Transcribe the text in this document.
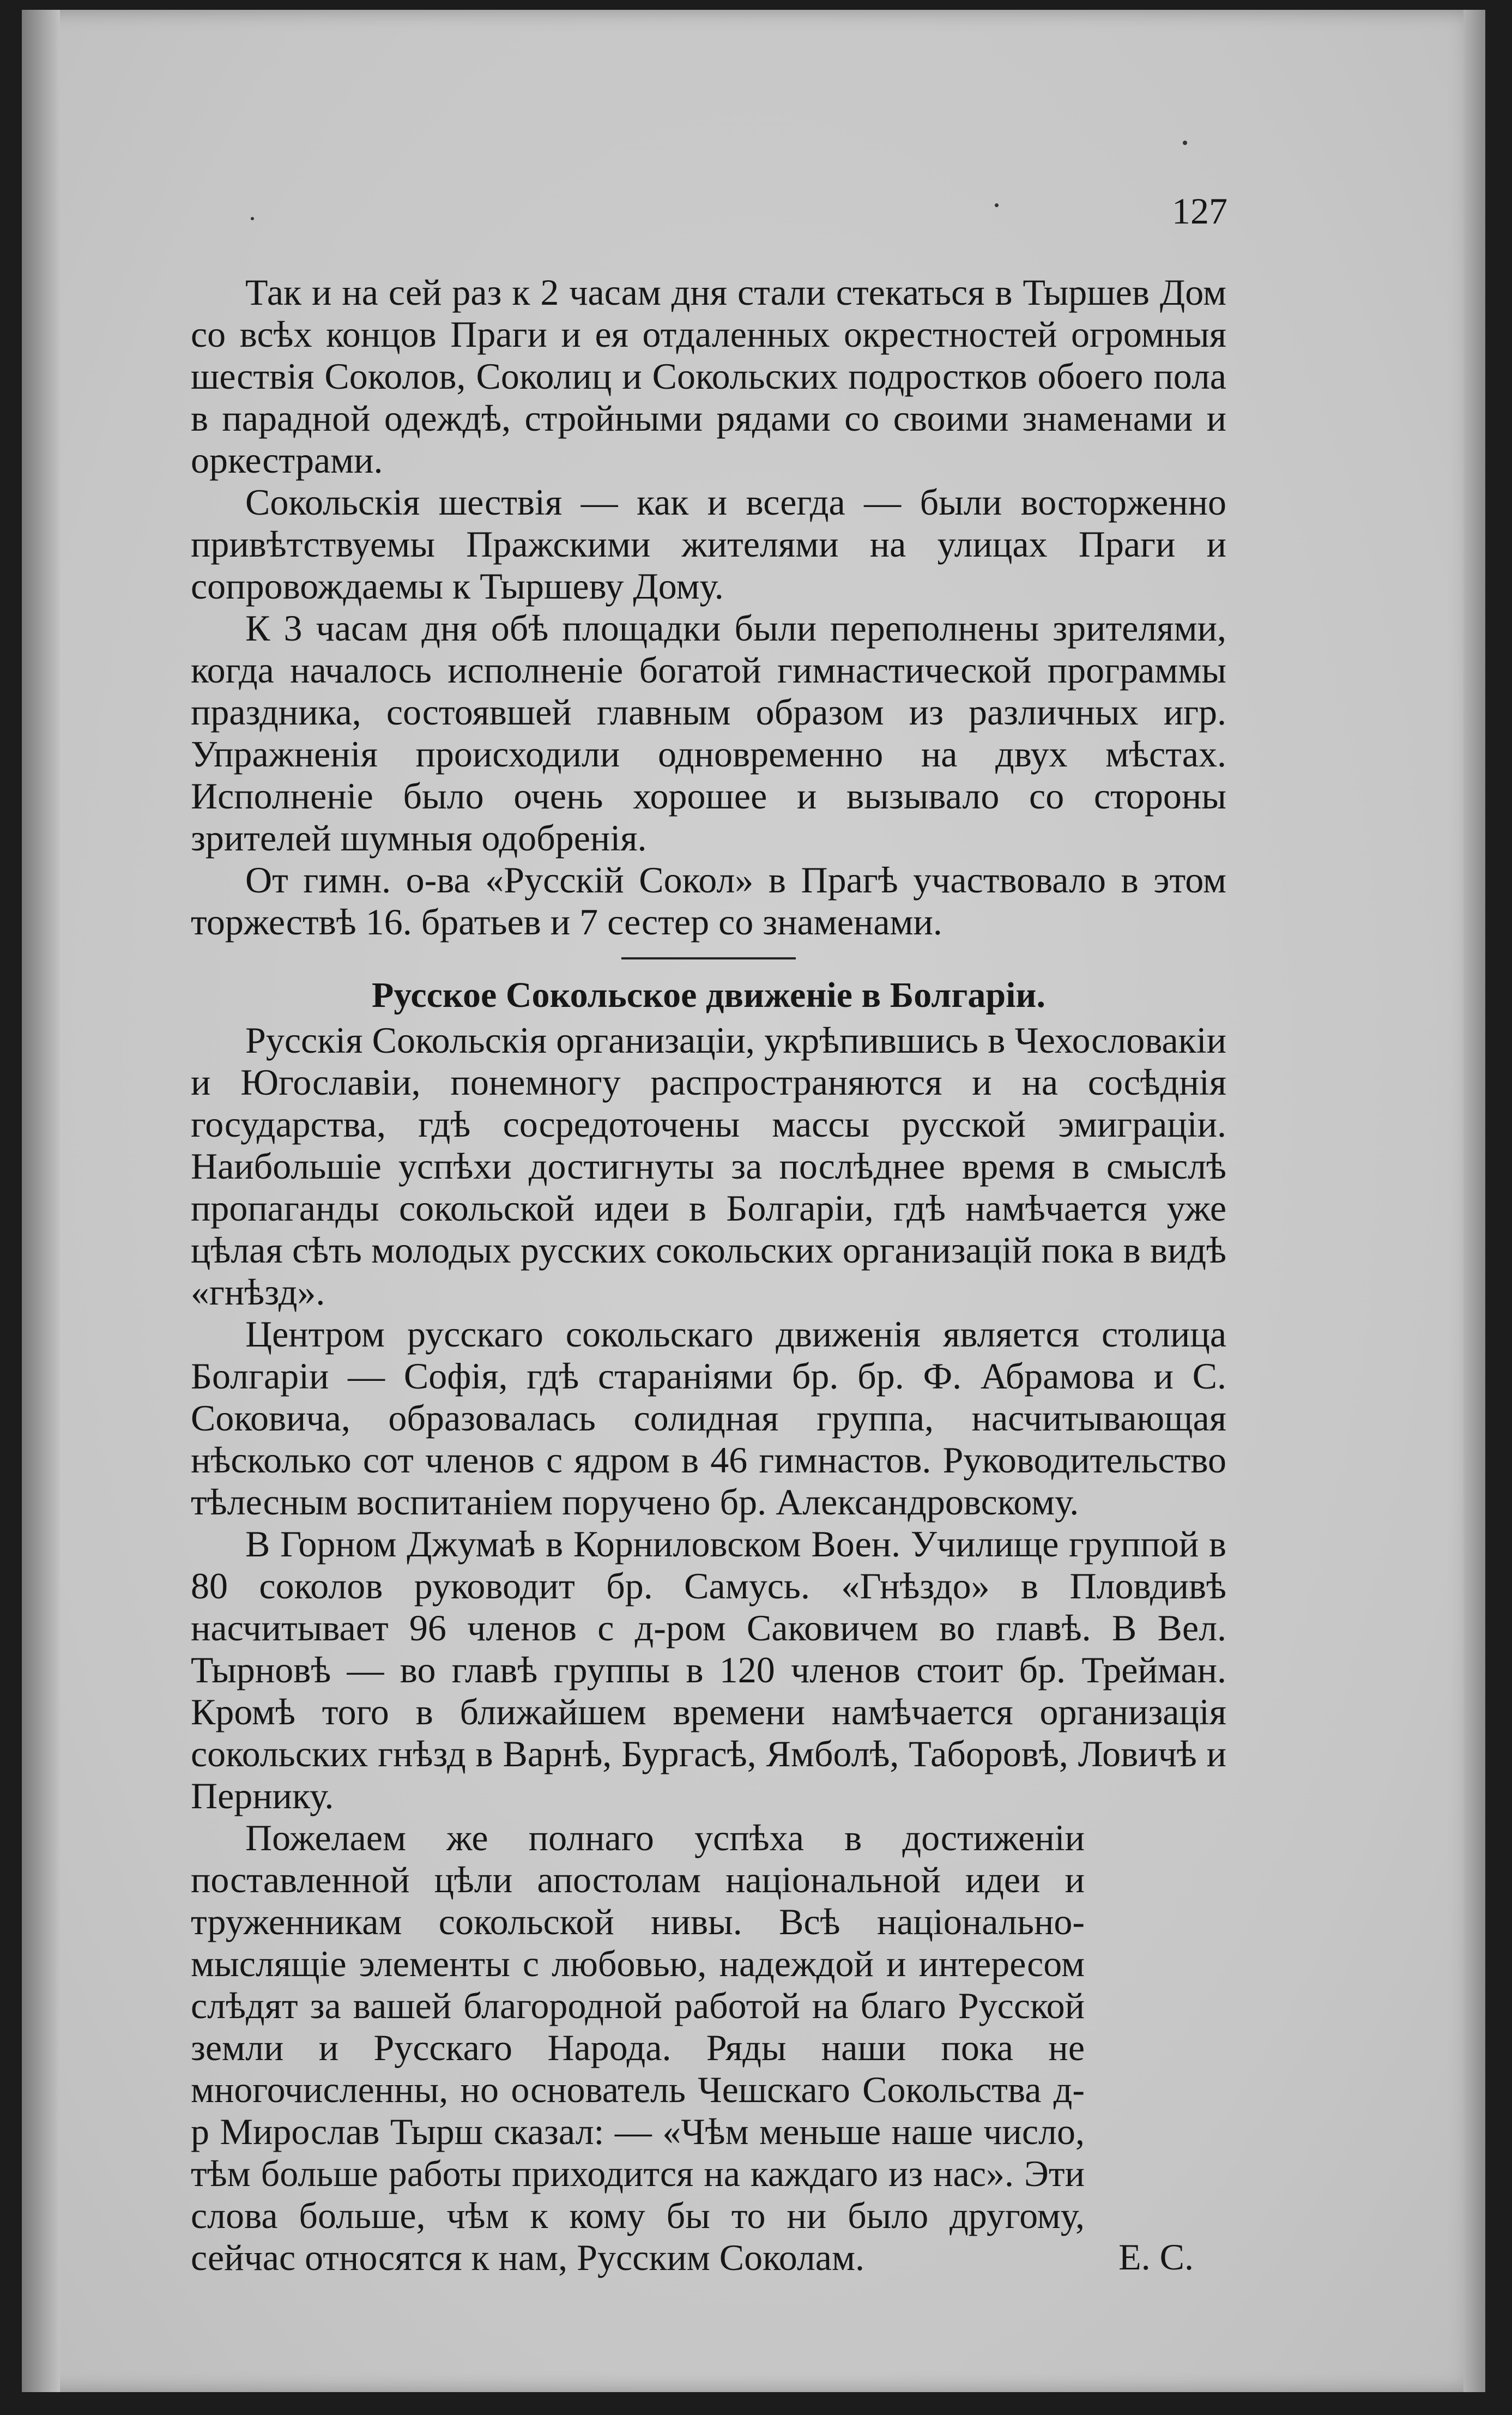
127

Так и на сей раз к 2 часам дня стали стекаться в Тыршев Дом со всѣх концов Праги и ея отдаленных окрестностей огромныя шествія Соколов, Соколиц и Сокольских подростков обоего пола в парадной одеждѣ, стройными рядами со своими знаменами и оркестрами.

Сокольскія шествія — как и всегда — были восторженно привѣтствуемы Пражскими жителями на улицах Праги и сопровождаемы к Тыршеву Дому.

К 3 часам дня обѣ площадки были переполнены зрителями, когда началось исполненіе богатой гимнастической программы праздника, состоявшей главным образом из различных игр. Упражненія происходили одновременно на двух мѣстах. Исполненіе было очень хорошее и вызывало со стороны зрителей шумныя одобренія.

От гимн. о-ва «Русскій Сокол» в Прагѣ участвовало в этом торжествѣ 16. братьев и 7 сестер со знаменами.

Русское Сокольское движеніе в Болгаріи.

Русскія Сокольскія организаціи, укрѣпившись в Чехословакіи и Югославіи, понемногу распространяются и на сосѣднія государства, гдѣ сосредоточены массы русской эмиграціи. Наибольшіе успѣхи достигнуты за послѣднее время в смыслѣ пропаганды сокольской идеи в Болгаріи, гдѣ намѣчается уже цѣлая сѣть молодых русских сокольских организацій пока в видѣ «гнѣзд».

Центром русскаго сокольскаго движенія является столица Болгаріи — Софія, гдѣ стараніями бр. бр. Ф. Абрамова и С. Соковича, образовалась солидная группа, насчитывающая нѣсколько сот членов с ядром в 46 гимнастов. Руководительство тѣлесным воспитаніем поручено бр. Александровскому.

В Горном Джумаѣ в Корниловском Воен. Училище группой в 80 соколов руководит бр. Самусь. «Гнѣздо» в Пловдивѣ насчитывает 96 членов с д-ром Саковичем во главѣ. В Вел. Тырновѣ — во главѣ группы в 120 членов стоит бр. Трейман. Кромѣ того в ближайшем времени намѣчается организація сокольских гнѣзд в Варнѣ, Бургасѣ, Ямболѣ, Таборовѣ, Ловичѣ и Пернику.

Пожелаем же полнаго успѣха в достиженіи поставленной цѣли апостолам національной идеи и труженникам сокольской нивы. Всѣ національно-мыслящіе элементы с любовью, надеждой и интересом слѣдят за вашей благородной работой на благо Русской земли и Русскаго Народа. Ряды наши пока не многочисленны, но основатель Чешскаго Сокольства д-р Мирослав Тырш сказал: — «Чѣм меньше наше число, тѣм больше работы приходится на каждаго из нас». Эти слова больше, чѣм к кому бы то ни было другому, сейчас относятся к нам, Русским Соколам.	Е. С.
